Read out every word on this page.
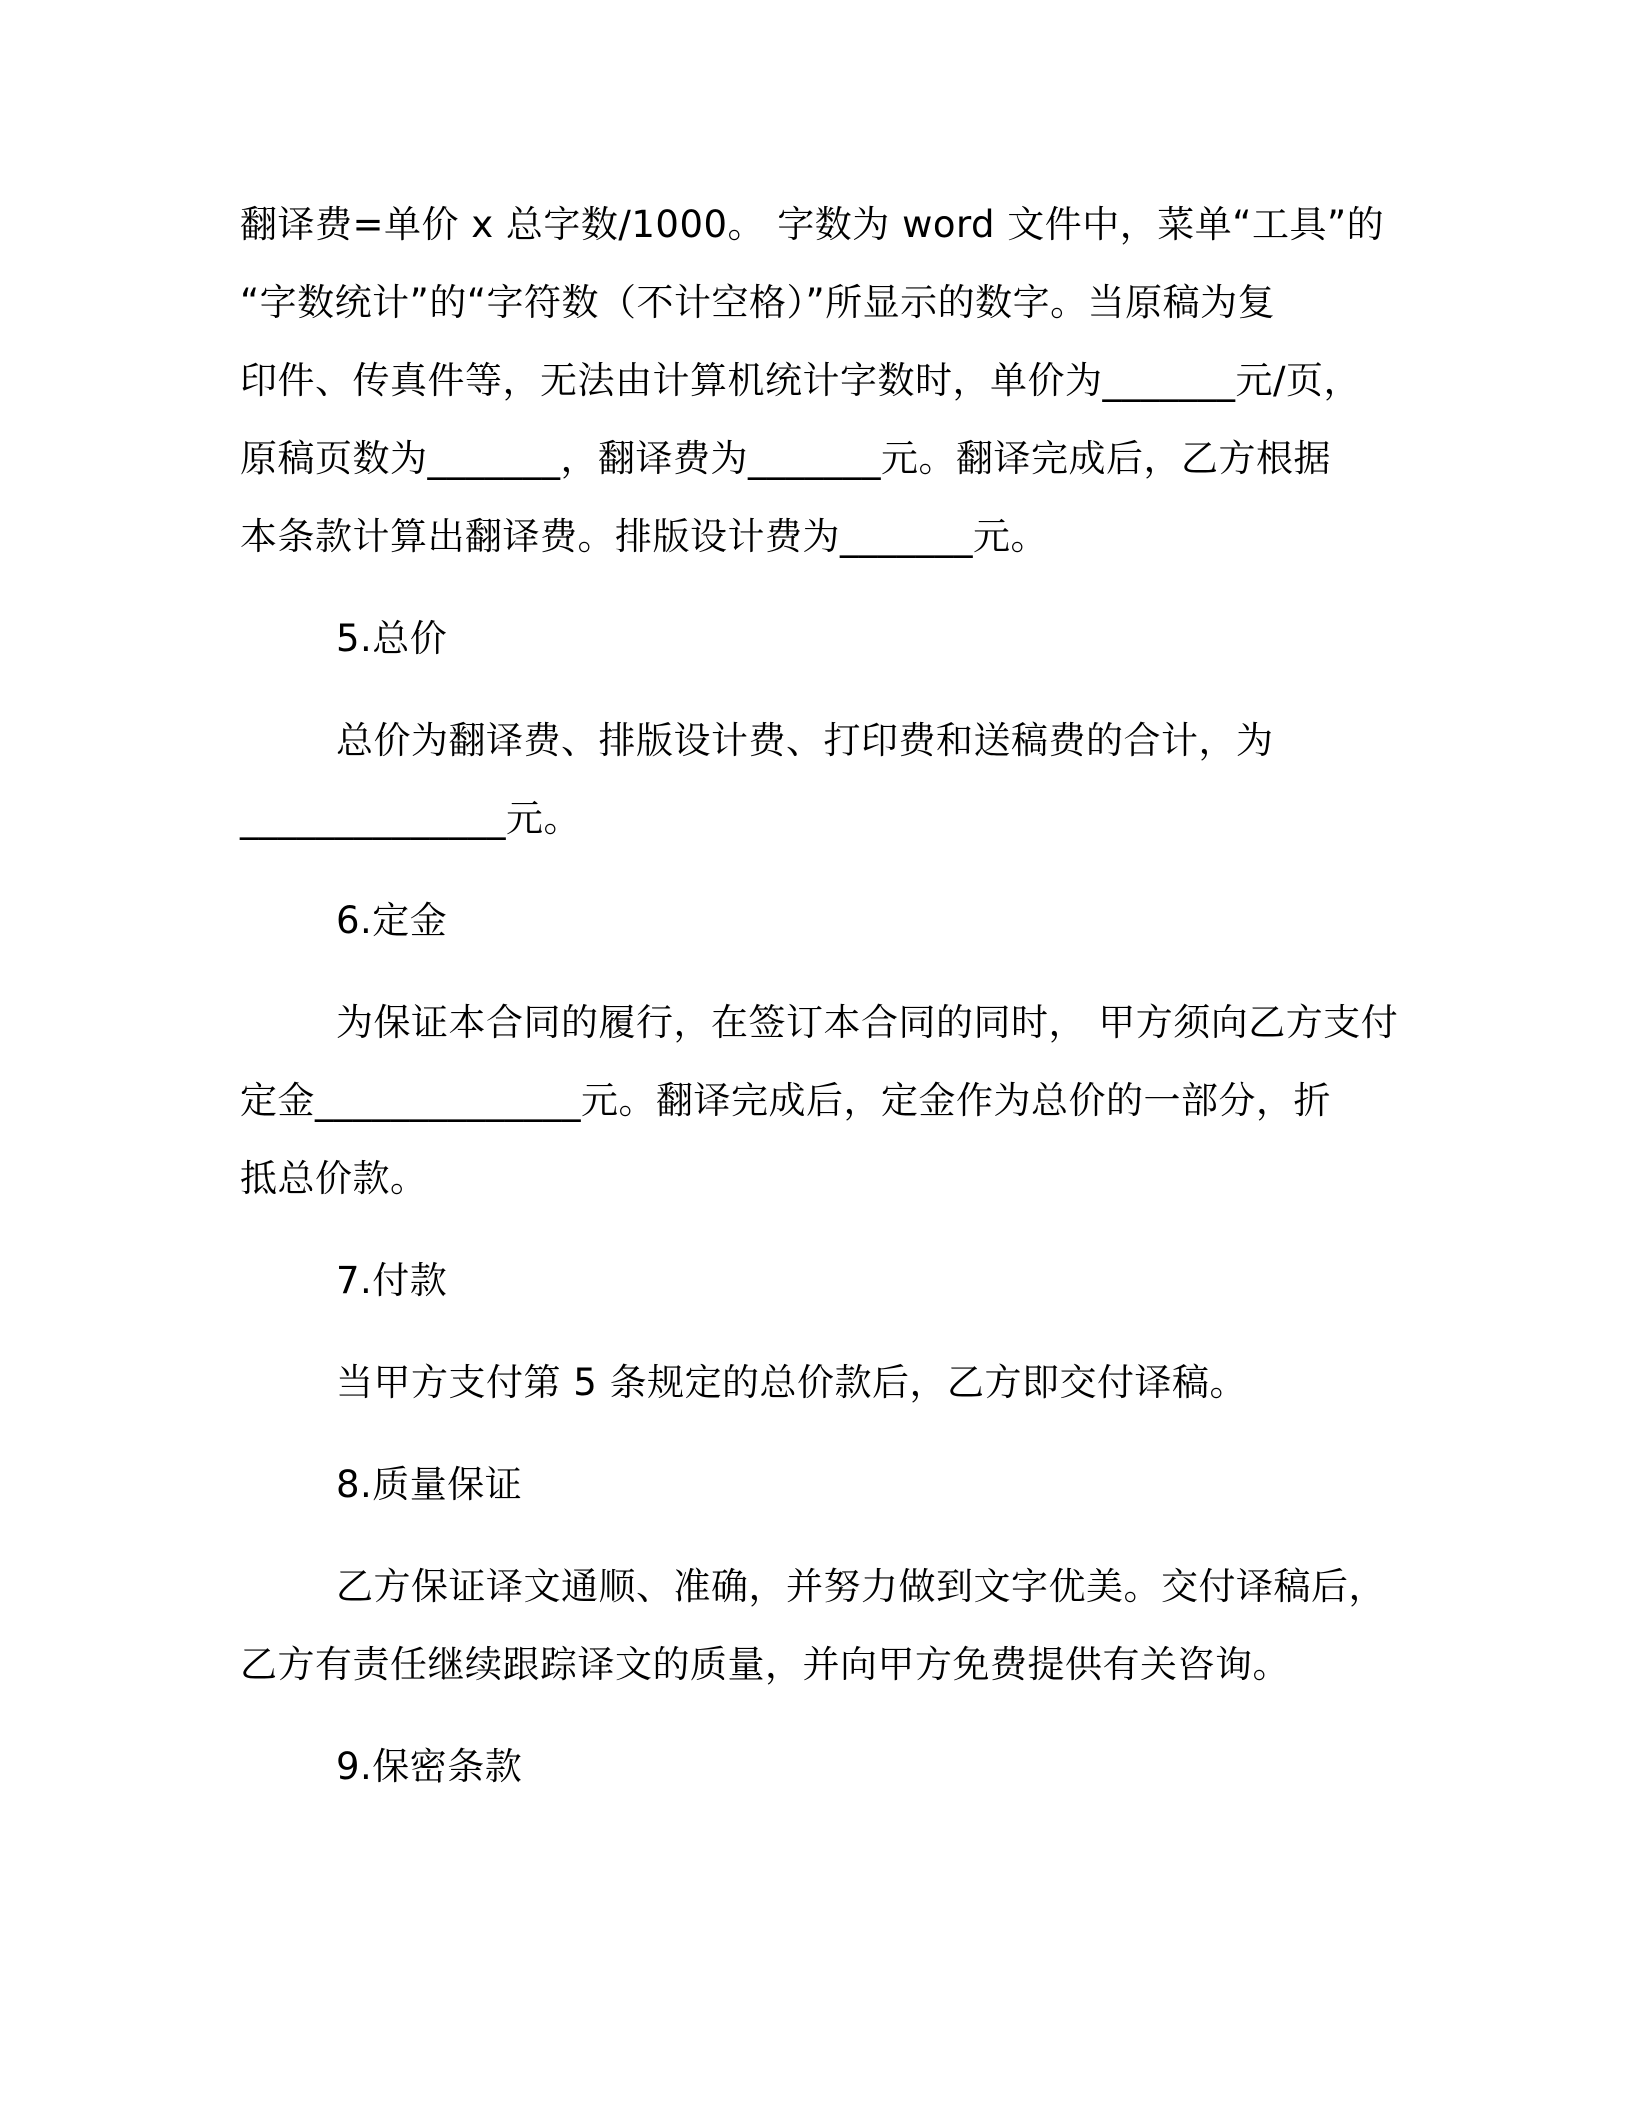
翻译费=单价 x 总字数/1000。 字数为 word 文件中，菜单“工具”的
“字数统计”的“字符数（不计空格）”所显示的数字。当原稿为复
印件、传真件等，无法由计算机统计字数时，单价为_______元/页，
原稿页数为_______，翻译费为_______元。翻译完成后，乙方根据
本条款计算出翻译费。排版设计费为_______元。

5.总价

总价为翻译费、排版设计费、打印费和送稿费的合计，为
______________元。

6.定金

为保证本合同的履行，在签订本合同的同时， 甲方须向乙方支付
定金______________元。翻译完成后，定金作为总价的一部分，折
抵总价款。

7.付款

当甲方支付第 5 条规定的总价款后，乙方即交付译稿。

8.质量保证

乙方保证译文通顺、准确，并努力做到文字优美。交付译稿后，
乙方有责任继续跟踪译文的质量，并向甲方免费提供有关咨询。

9.保密条款
